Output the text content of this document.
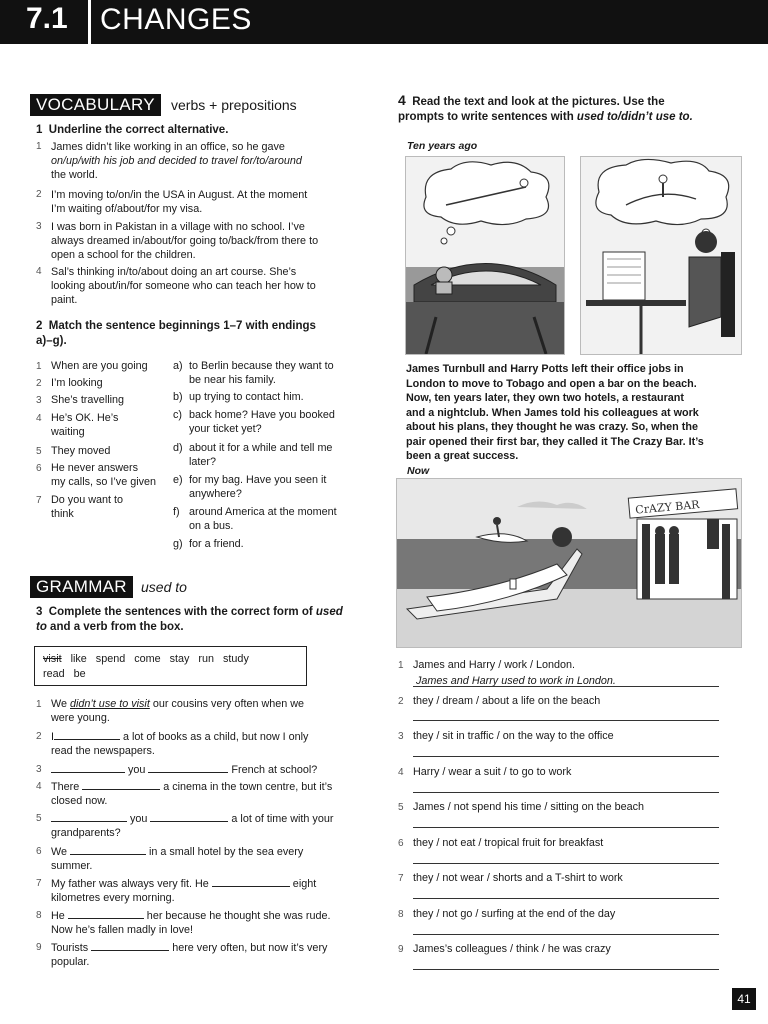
7.1 CHANGES
VOCABULARY	verbs + prepositions
1 Underline the correct alternative.
1 James didn’t like working in an office, so he gave
on/up/with his job and decided to travel for/to/around
the world.
2 I’m moving to/on/in the USA in August. At the moment
I’m waiting of/about/for my visa.
3 I was born in Pakistan in a village with no school. I’ve
always dreamed in/about/for going to/back/from there to
open a school for the children.
4 Sal’s thinking in/to/about doing an art course. She’s
looking about/in/for someone who can teach her how to
paint.
2 Match the sentence beginnings 1–7 with endings
a)–g).
1 When are you going
2 I’m looking
3 She’s travelling
4 He’s OK. He’s
waiting
5 They moved
6 He never answers
my calls, so I’ve given
7 Do you want to
think
a) to Berlin because they want to
be near his family.
b) up trying to contact him.
c) back home? Have you booked
your ticket yet?
d) about it for a while and tell me
later?
e) for my bag. Have you seen it
anywhere?
f) around America at the moment
on a bus.
g) for a friend.
GRAMMAR	used to
3 Complete the sentences with the correct form of used
to and a verb from the box.
visit like   spend   come   stay   run   study
read   be
1 We didn’t use to visit our cousins very often when we
were young.
2 I	a lot of books as a child, but now I only
read the newspapers.
3	you	French at school?
4 There	a cinema in the town centre, but it’s
closed now.
5	you	a lot of time with your
grandparents?
6 We	in a small hotel by the sea every
summer.
7 My father was always very fit. He	eight
kilometres every morning.
8 He	her because he thought she was rude.
Now he’s fallen madly in love!
9 Tourists	here very often, but now it’s very
popular.
4 Read the text and look at the pictures. Use the
prompts to write sentences with used to/didn’t use to.
Ten years ago
James Turnbull and Harry Potts left their office jobs in
London to move to Tobago and open a bar on the beach.
Now, ten years later, they own two hotels, a restaurant
and a nightclub. When James told his colleagues at work
about his plans, they thought he was crazy. So, when the
pair opened their first bar, they called it The Crazy Bar. It’s
been a great success.
Now
CrAZY BAR
1 James and Harry / work / London.
James and Harry used to work in London.
2 they / dream / about a life on the beach
3 they / sit in traffic / on the way to the office
4 Harry / wear a suit / to go to work
5 James / not spend his time / sitting on the beach
6 they / not eat / tropical fruit for breakfast
7 they / not wear / shorts and a T-shirt to work
8 they / not go / surfing at the end of the day
9 James’s colleagues / think / he was crazy
41
